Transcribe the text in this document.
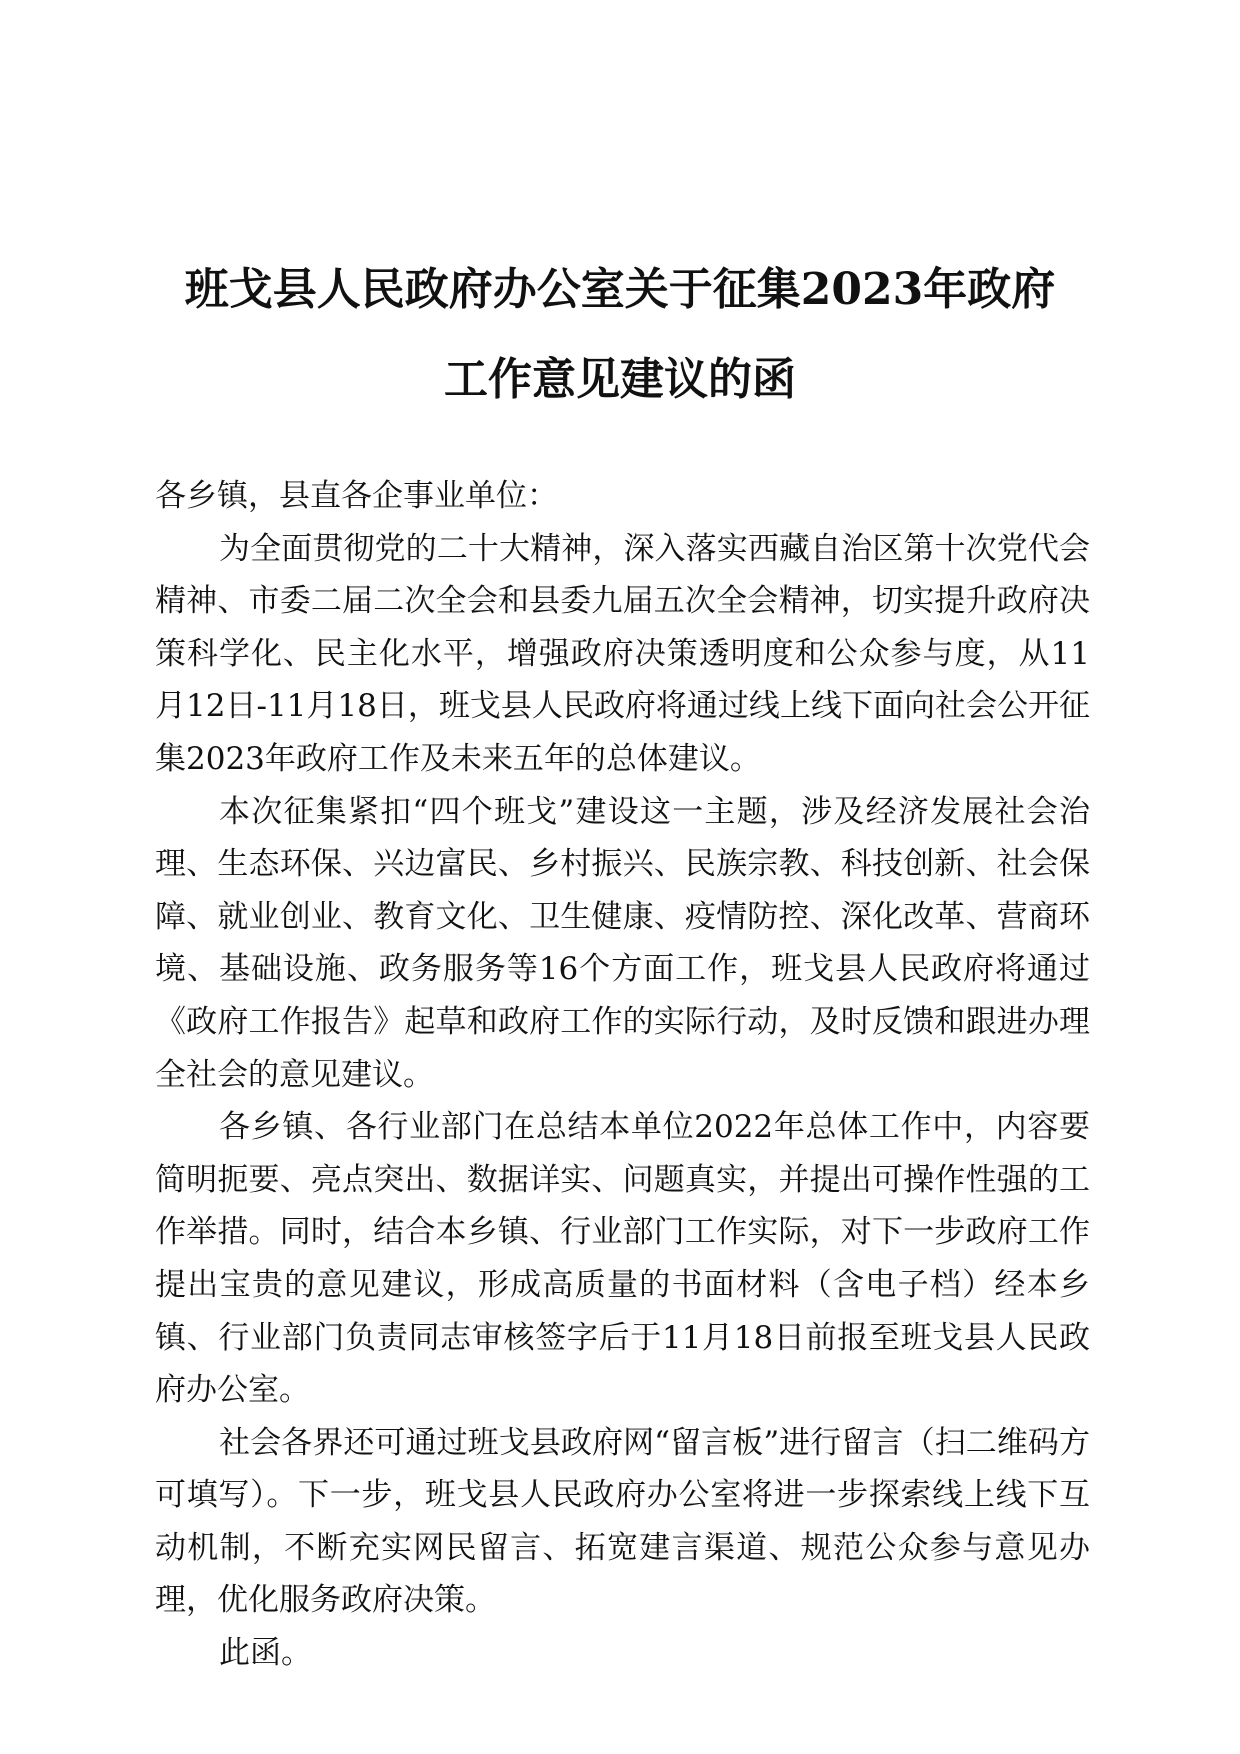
班戈县人民政府办公室关于征集2023年政府
工作意见建议的函

各乡镇，县直各企事业单位：

为全面贯彻党的二十大精神，深入落实西藏自治区第十次党代会精神、市委二届二次全会和县委九届五次全会精神，切实提升政府决策科学化、民主化水平，增强政府决策透明度和公众参与度，从11月12日-11月18日，班戈县人民政府将通过线上线下面向社会公开征集2023年政府工作及未来五年的总体建议。

本次征集紧扣“四个班戈”建设这一主题，涉及经济发展社会治理、生态环保、兴边富民、乡村振兴、民族宗教、科技创新、社会保障、就业创业、教育文化、卫生健康、疫情防控、深化改革、营商环境、基础设施、政务服务等16个方面工作，班戈县人民政府将通过《政府工作报告》起草和政府工作的实际行动，及时反馈和跟进办理全社会的意见建议。

各乡镇、各行业部门在总结本单位2022年总体工作中，内容要简明扼要、亮点突出、数据详实、问题真实，并提出可操作性强的工作举措。同时，结合本乡镇、行业部门工作实际，对下一步政府工作提出宝贵的意见建议，形成高质量的书面材料（含电子档）经本乡镇、行业部门负责同志审核签字后于11月18日前报至班戈县人民政府办公室。

社会各界还可通过班戈县政府网“留言板”进行留言（扫二维码方可填写）。下一步，班戈县人民政府办公室将进一步探索线上线下互动机制，不断充实网民留言、拓宽建言渠道、规范公众参与意见办理，优化服务政府决策。

此函。
